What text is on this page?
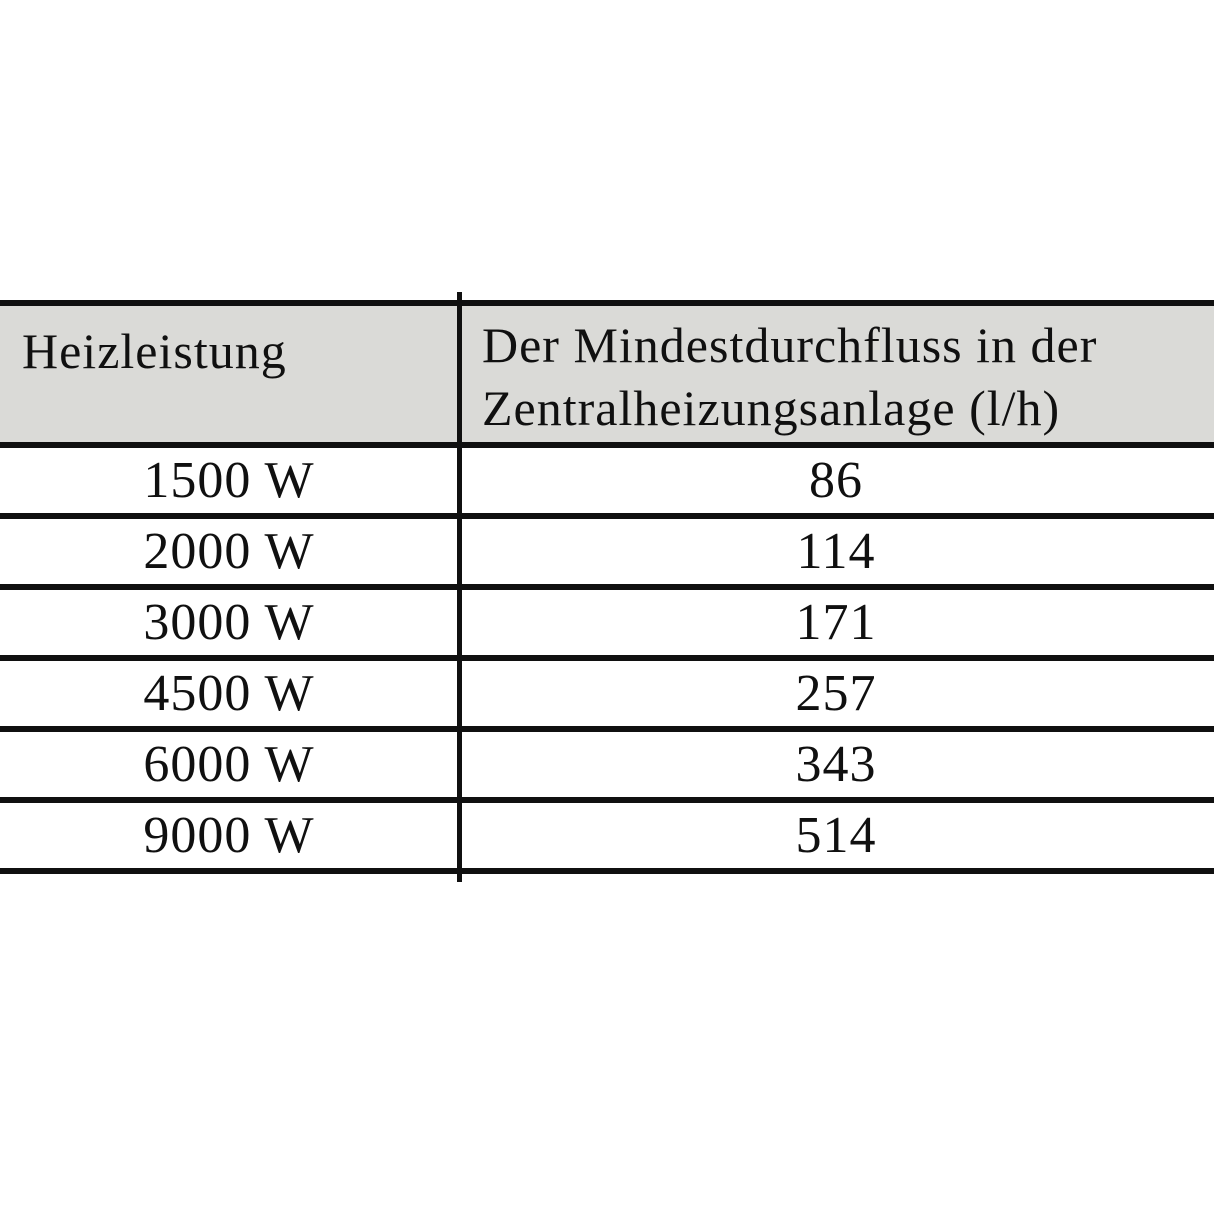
Heizleistung	Der Mindestdurchfluss in der
Zentralheizungsanlage (l/h)
1500 W	86
2000 W	114
3000 W	171
4500 W	257
6000 W	343
9000 W	514
